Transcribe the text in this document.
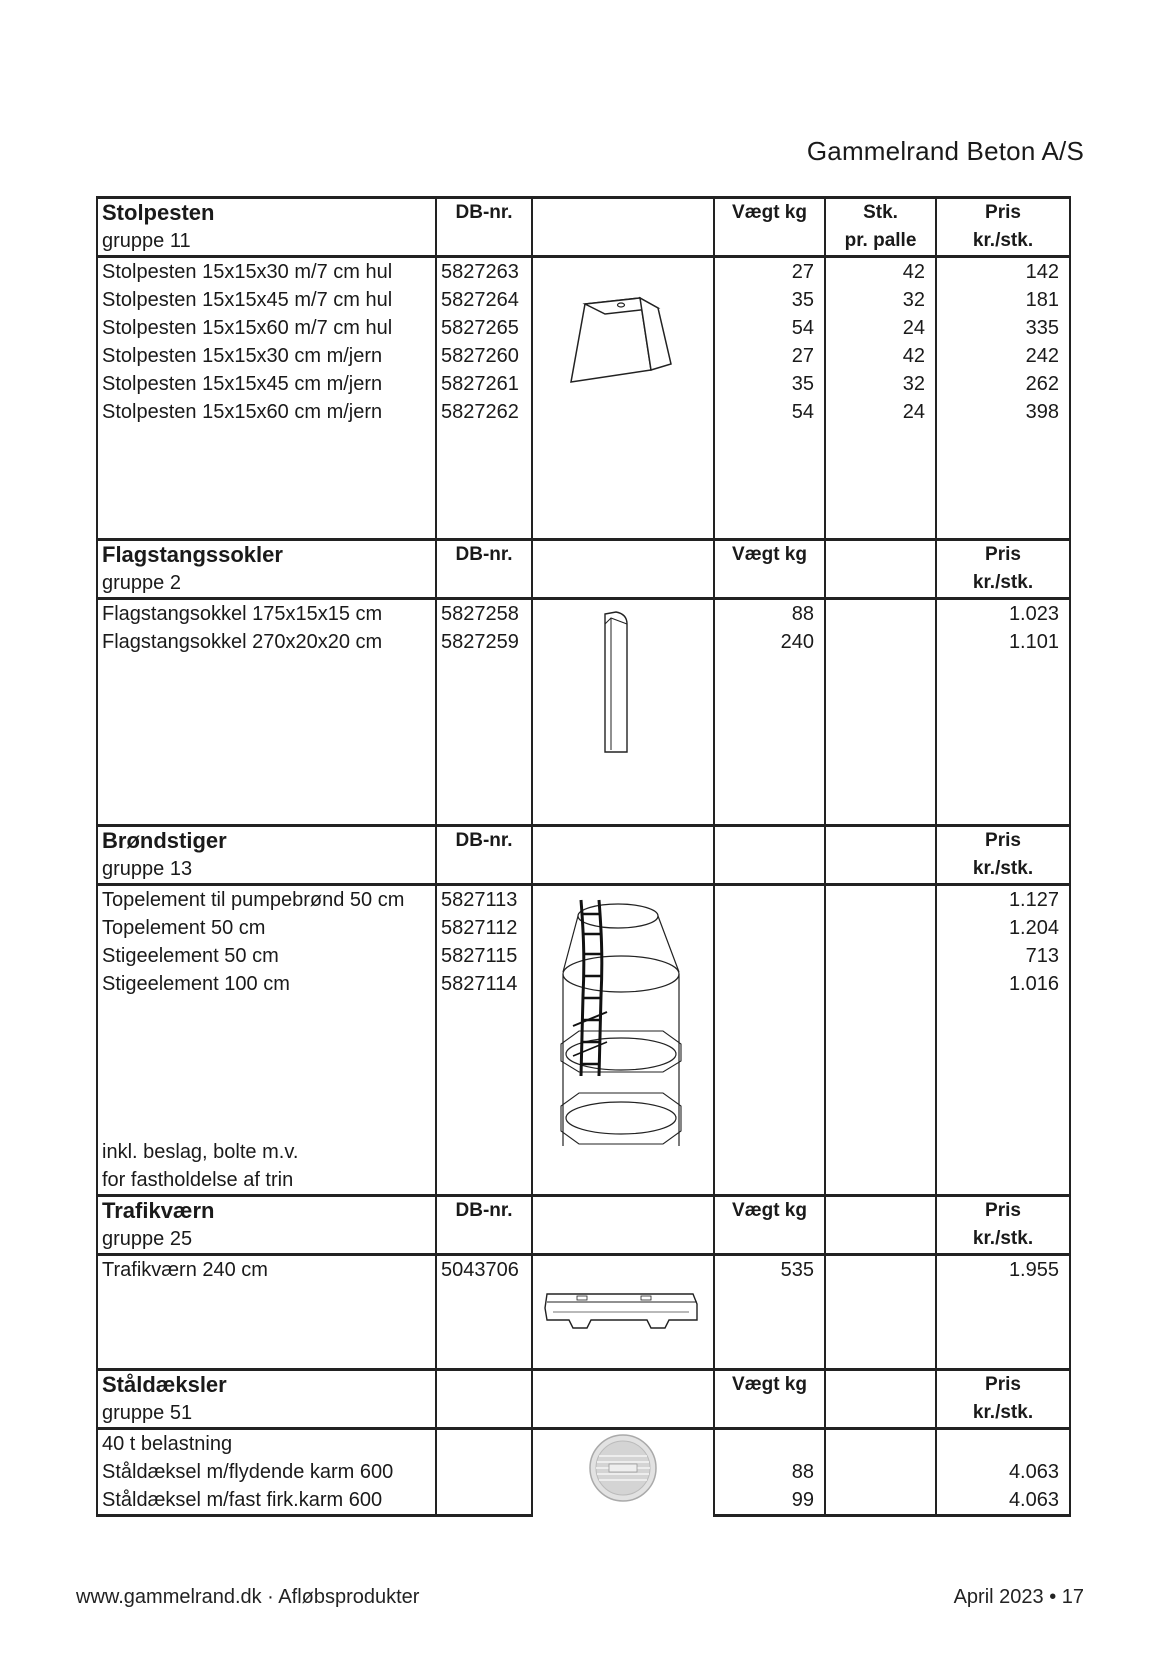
Gammelrand Beton A/S
Stolpesten	DB-nr.		Vægt kg	Stk.	Pris
gruppe 11				pr. palle	kr./stk.
Stolpesten 15x15x30 m/7 cm hul	5827263		27	42	142
Stolpesten 15x15x45 m/7 cm hul	5827264		35	32	181
Stolpesten 15x15x60 m/7 cm hul	5827265		54	24	335
Stolpesten 15x15x30 cm m/jern	5827260		27	42	242
Stolpesten 15x15x45 cm m/jern	5827261		35	32	262
Stolpesten 15x15x60 cm m/jern	5827262		54	24	398

Flagstangssokler	DB-nr.		Vægt kg		Pris
gruppe 2					kr./stk.
Flagstangsokkel 175x15x15 cm	5827258		88		1.023
Flagstangsokkel 270x20x20 cm	5827259		240		1.101

Brøndstiger	DB-nr.				Pris
gruppe 13					kr./stk.
Topelement til pumpebrønd 50 cm	5827113				1.127
Topelement 50 cm	5827112				1.204
Stigeelement 50 cm	5827115				713
Stigeelement 100 cm	5827114				1.016

inkl. beslag, bolte m.v.					
for fastholdelse af trin					
Trafikværn	DB-nr.		Vægt kg		Pris
gruppe 25					kr./stk.
Trafikværn 240 cm	5043706		535		1.955

Ståldæksler			Vægt kg		Pris
gruppe 51					kr./stk.
40 t belastning		

Ståldæksel m/flydende karm 600			88		4.063
Ståldæksel m/fast firk.karm 600			99		4.063
www.gammelrand.dk · Afløbsprodukter	April 2023 • 17
